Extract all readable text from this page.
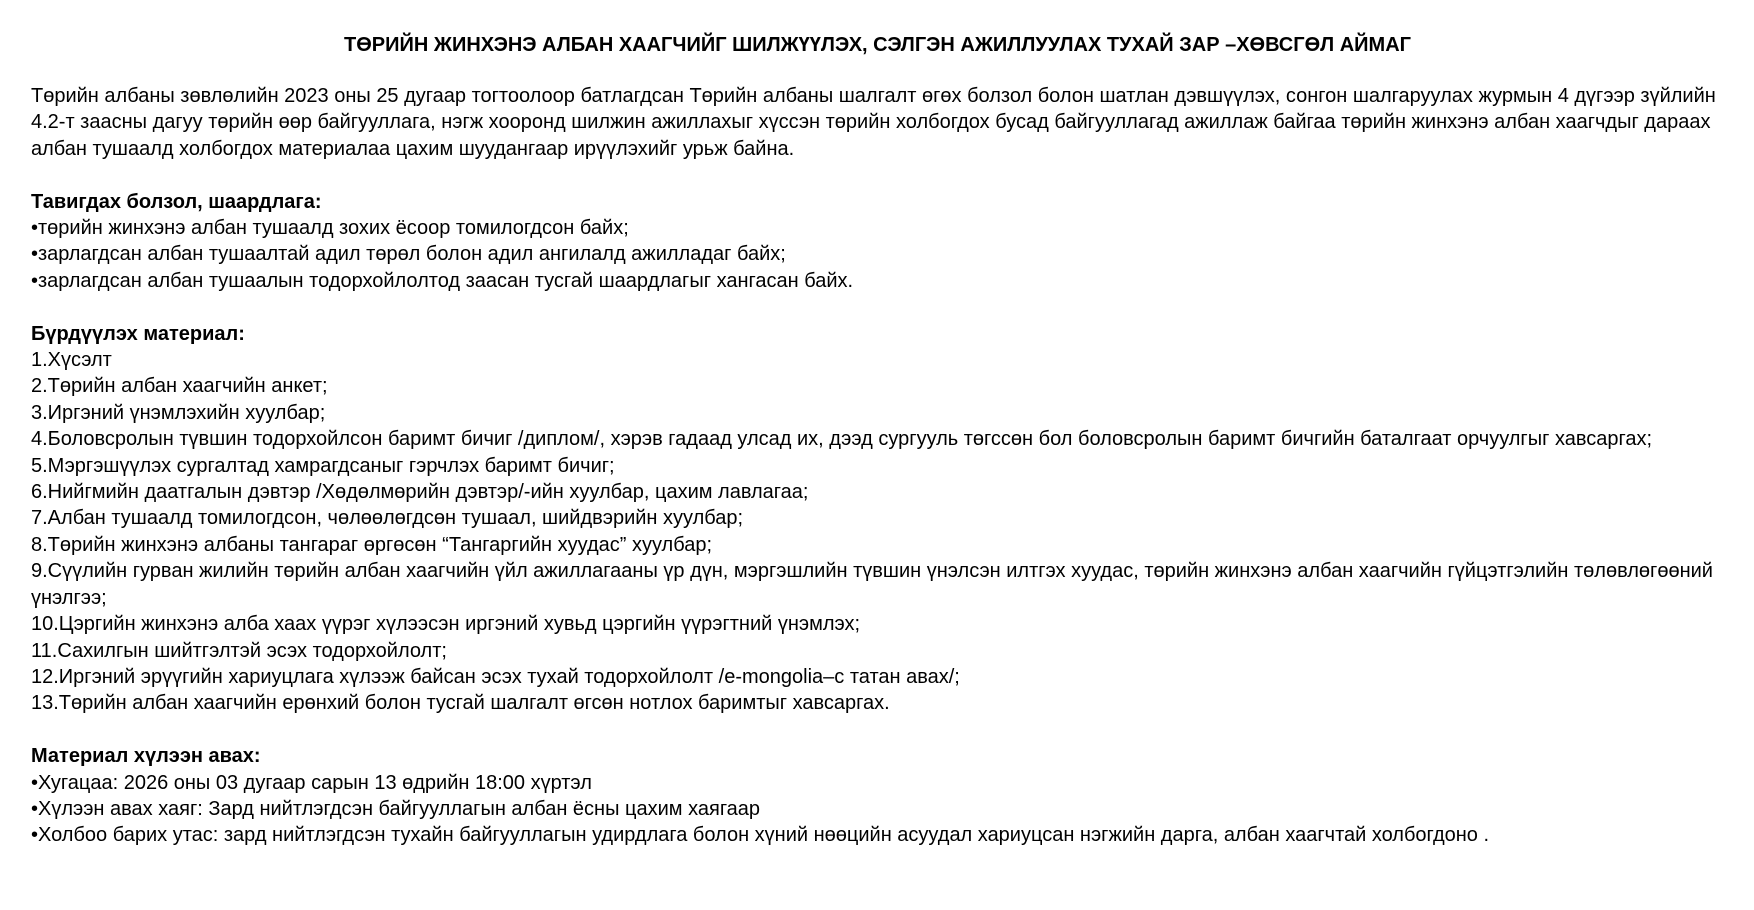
ТӨРИЙН ЖИНХЭНЭ АЛБАН ХААГЧИЙГ ШИЛЖҮҮЛЭХ, СЭЛГЭН АЖИЛЛУУЛАХ ТУХАЙ ЗАР –ХӨВСГӨЛ АЙМАГ

Төрийн албаны зөвлөлийн 2023 оны 25 дугаар тогтоолоор батлагдсан Төрийн албаны шалгалт өгөх болзол болон шатлан дэвшүүлэх, сонгон шалгаруулах журмын 4 дүгээр зүйлийн 4.2-т заасны дагуу төрийн өөр байгууллага, нэгж хооронд шилжин ажиллахыг хүссэн төрийн холбогдох бусад байгууллагад ажиллаж байгаа төрийн жинхэнэ албан хаагчдыг дараах албан тушаалд холбогдох материалаа цахим шуудангаар ирүүлэхийг урьж байна.

Тавигдах болзол, шаардлага:

•төрийн жинхэнэ албан тушаалд зохих ёсоор томилогдсон байх;
•зарлагдсан албан тушаалтай адил төрөл болон адил ангилалд ажилладаг байх;
•зарлагдсан албан тушаалын тодорхойлолтод заасан тусгай шаардлагыг хангасан байх.

Бүрдүүлэх материал:

1.Хүсэлт
2.Төрийн албан хаагчийн анкет;
3.Иргэний үнэмлэхийн хуулбар;
4.Боловсролын түвшин тодорхойлсон баримт бичиг /диплом/, хэрэв гадаад улсад их, дээд сургууль төгссөн бол боловсролын баримт бичгийн баталгаат орчуулгыг хавсаргах;
5.Мэргэшүүлэх сургалтад хамрагдсаныг гэрчлэх баримт бичиг;
6.Нийгмийн даатгалын дэвтэр /Хөдөлмөрийн дэвтэр/-ийн хуулбар, цахим лавлагаа;
7.Албан тушаалд томилогдсон, чөлөөлөгдсөн тушаал, шийдвэрийн хуулбар;
8.Төрийн жинхэнэ албаны тангараг өргөсөн “Тангаргийн хуудас” хуулбар;
9.Сүүлийн гурван жилийн төрийн албан хаагчийн үйл ажиллагааны үр дүн, мэргэшлийн түвшин үнэлсэн илтгэх хуудас, төрийн жинхэнэ албан хаагчийн гүйцэтгэлийн төлөвлөгөөний үнэлгээ;
10.Цэргийн жинхэнэ алба хаах үүрэг хүлээсэн иргэний хувьд цэргийн үүрэгтний үнэмлэх;
11.Сахилгын шийтгэлтэй эсэх тодорхойлолт;
12.Иргэний эрүүгийн хариуцлага хүлээж байсан эсэх тухай тодорхойлолт /e-mongolia–с татан авах/;
13.Төрийн албан хаагчийн ерөнхий болон тусгай шалгалт өгсөн нотлох баримтыг хавсаргах.

Материал хүлээн авах:

•Хугацаа: 2026 оны 03 дугаар сарын 13 өдрийн 18:00 хүртэл
•Хүлээн авах хаяг: Зард нийтлэгдсэн байгууллагын албан ёсны цахим хаягаар
•Холбоо барих утас: зард нийтлэгдсэн тухайн байгууллагын удирдлага болон хүний нөөцийн асуудал хариуцсан нэгжийн дарга, албан хаагчтай холбогдоно .
